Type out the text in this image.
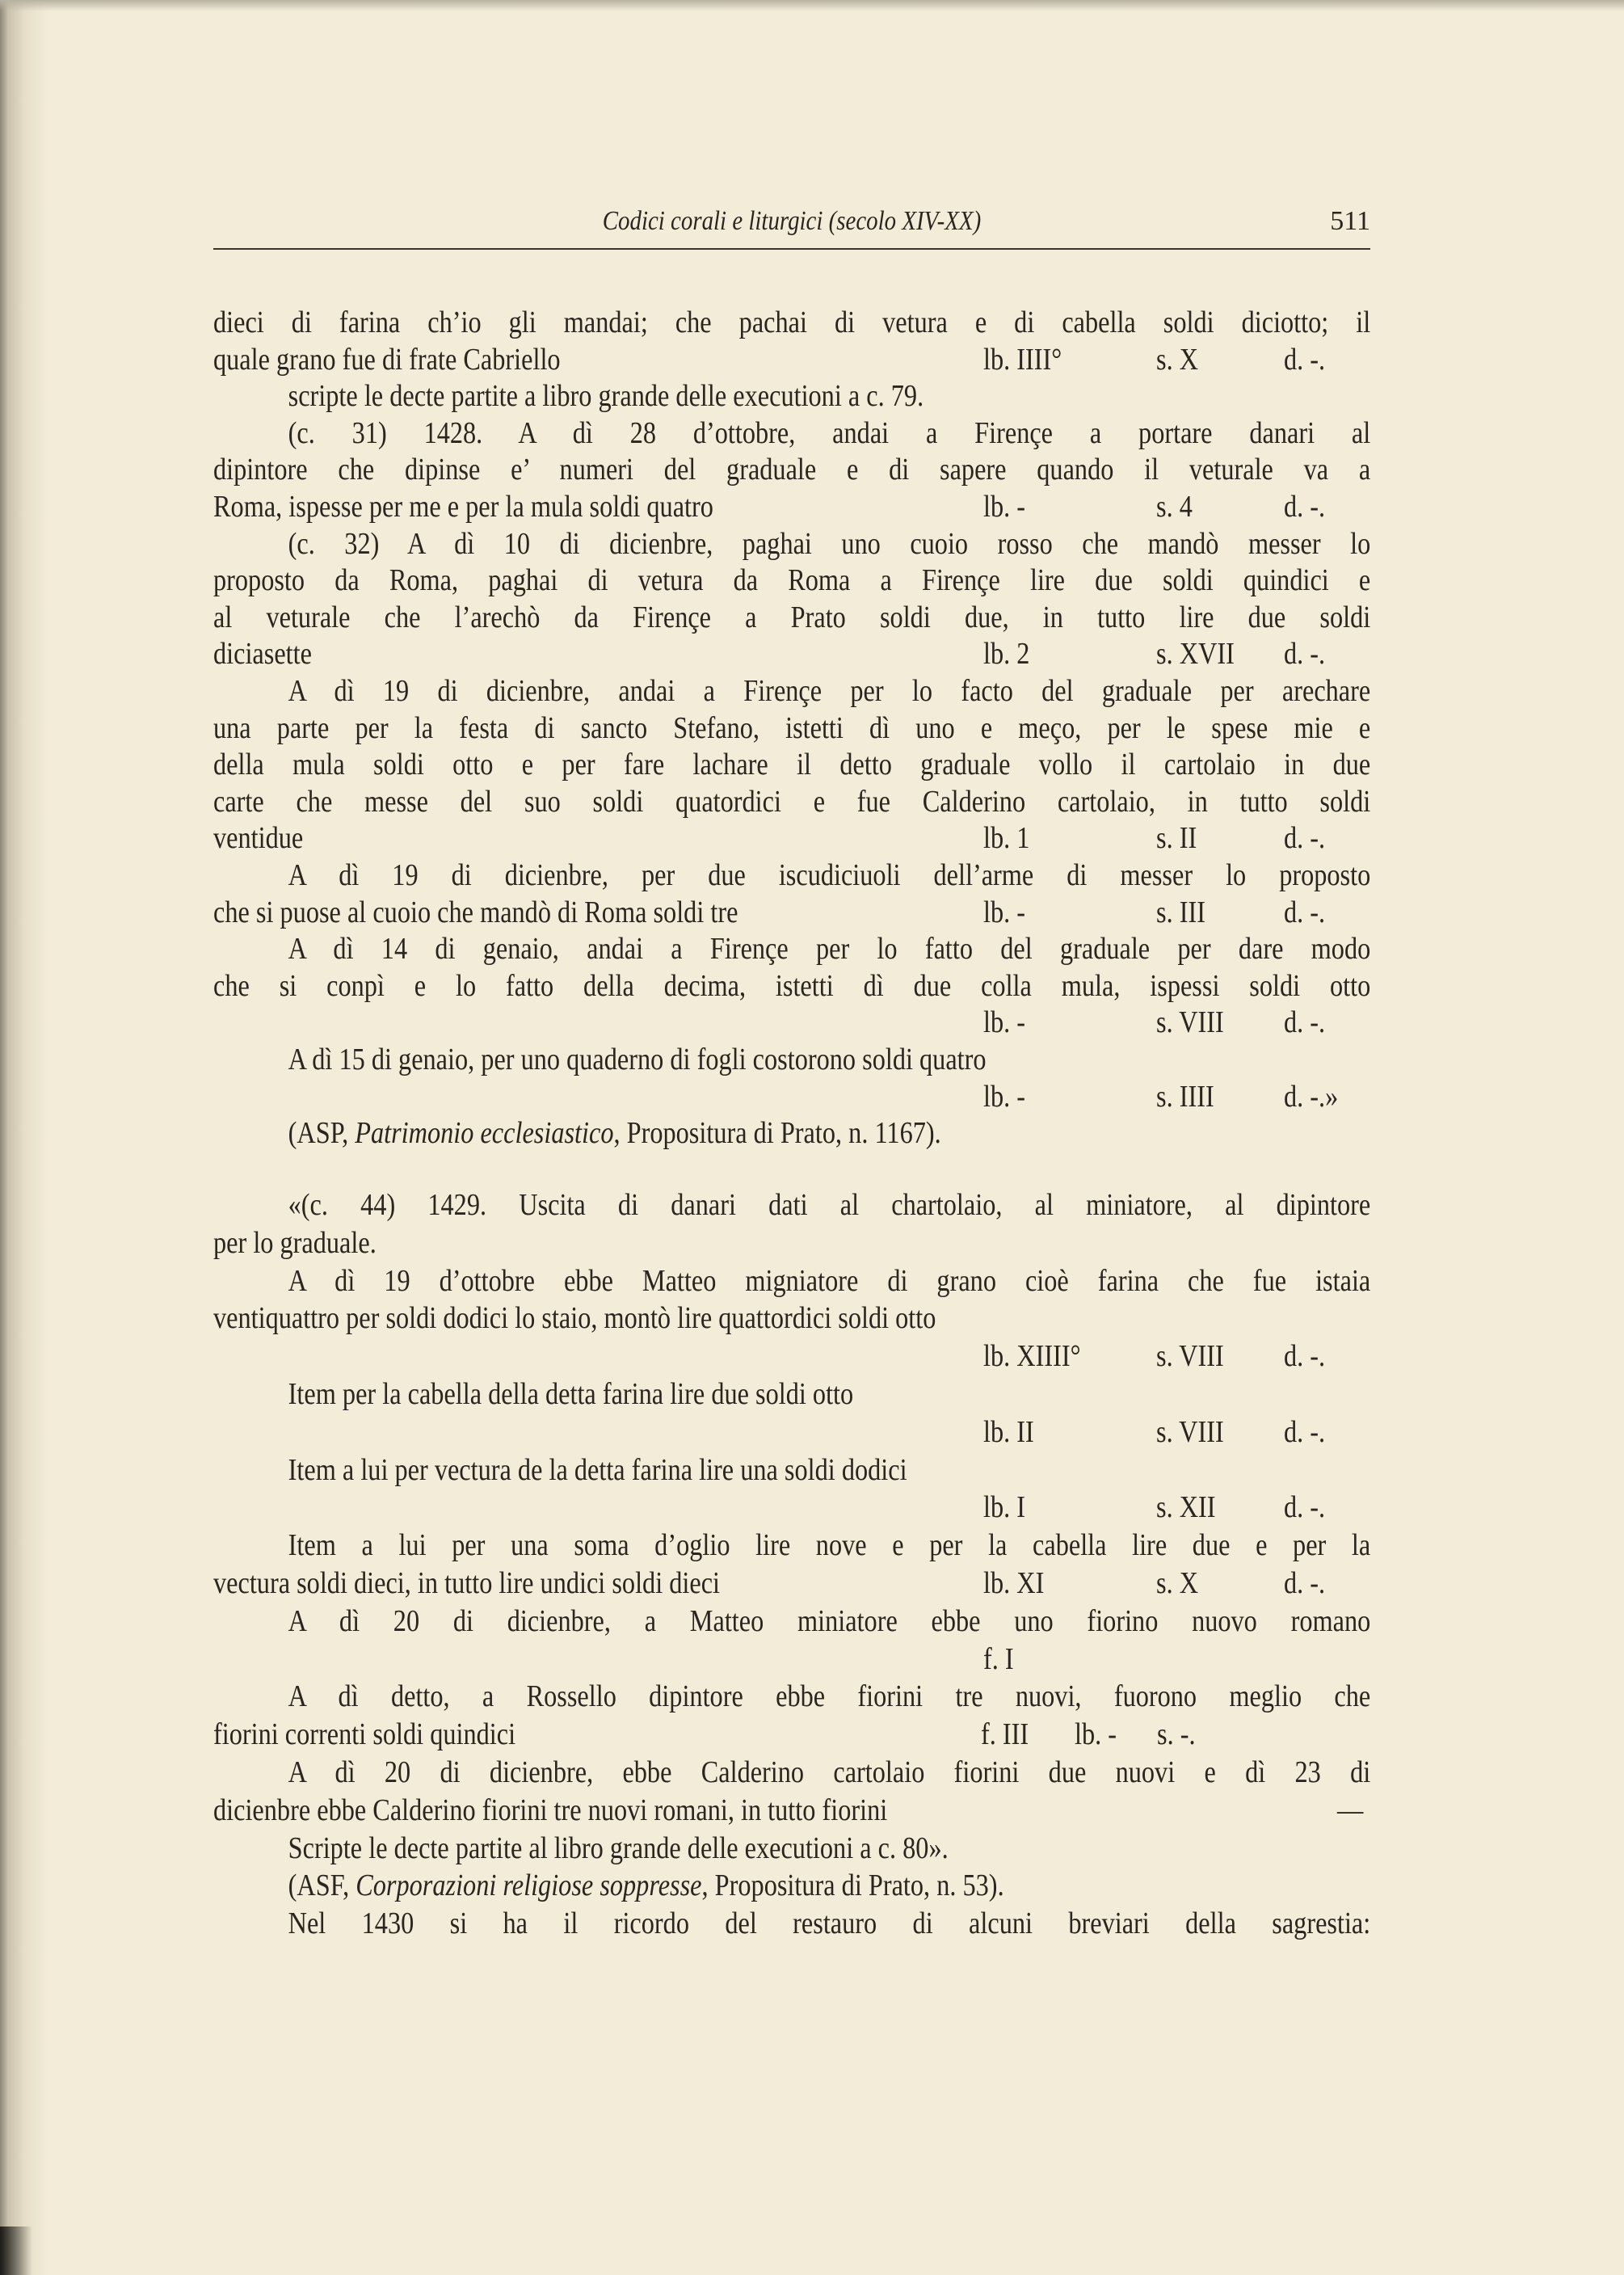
Codici corali e liturgici (secolo XIV-XX)	511
dieci di farina ch’io gli mandai; che pachai di vetura e di cabella soldi diciotto; il
quale grano fue di frate Cabriello	lb. IIII°	s. X	d. -.
scripte le decte partite a libro grande delle executioni a c. 79.
(c. 31) 1428. A dì 28 d’ottobre, andai a Firençe a portare danari al
dipintore che dipinse e’ numeri del graduale e di sapere quando il veturale va a
Roma, ispesse per me e per la mula soldi quatro	lb. -	s. 4	d. -.
(c. 32) A dì 10 di dicienbre, paghai uno cuoio rosso che mandò messer lo
proposto da Roma, paghai di vetura da Roma a Firençe lire due soldi quindici e
al veturale che l’arechò da Firençe a Prato soldi due, in tutto lire due soldi
diciasette	lb. 2	s. XVII d. -.
A dì 19 di dicienbre, andai a Firençe per lo facto del graduale per arechare
una parte per la festa di sancto Stefano, istetti dì uno e meço, per le spese mie e
della mula soldi otto e per fare lachare il detto graduale vollo il cartolaio in due
carte che messe del suo soldi quatordici e fue Calderino cartolaio, in tutto soldi
ventidue	lb. 1	s. II	d. -.
A dì 19 di dicienbre, per due iscudiciuoli dell’arme di messer lo proposto
che si puose al cuoio che mandò di Roma soldi tre	lb. -	s. III	d. -.
A dì 14 di genaio, andai a Firençe per lo fatto del graduale per dare modo
che si conpì e lo fatto della decima, istetti dì due colla mula, ispessi soldi otto
lb. -	s. VIII d. -.
A dì 15 di genaio, per uno quaderno di fogli costorono soldi quatro
lb. -	s. IIII d. -.»
(ASP, Patrimonio ecclesiastico, Propositura di Prato, n. 1167).
«(c. 44) 1429. Uscita di danari dati al chartolaio, al miniatore, al dipintore
per lo graduale.
A dì 19 d’ottobre ebbe Matteo migniatore di grano cioè farina che fue istaia
ventiquattro per soldi dodici lo staio, montò lire quattordici soldi otto
lb. XIIII° s. VIII d. -.
Item per la cabella della detta farina lire due soldi otto
lb. II	s. VIII d. -.
Item a lui per vectura de la detta farina lire una soldi dodici
lb. I	s. XII d. -.
Item a lui per una soma d’oglio lire nove e per la cabella lire due e per la
vectura soldi dieci, in tutto lire undici soldi dieci	lb. XI	s. X	d. -.
A dì 20 di dicienbre, a Matteo miniatore ebbe uno fiorino nuovo romano
f. I
A dì detto, a Rossello dipintore ebbe fiorini tre nuovi, fuorono meglio che
fiorini correnti soldi quindici	f. III lb. - s. -.
A dì 20 di dicienbre, ebbe Calderino cartolaio fiorini due nuovi e dì 23 di
dicienbre ebbe Calderino fiorini tre nuovi romani, in tutto fiorini	—
Scripte le decte partite al libro grande delle executioni a c. 80».
(ASF, Corporazioni religiose soppresse, Propositura di Prato, n. 53).
Nel 1430 si ha il ricordo del restauro di alcuni breviari della sagrestia:
